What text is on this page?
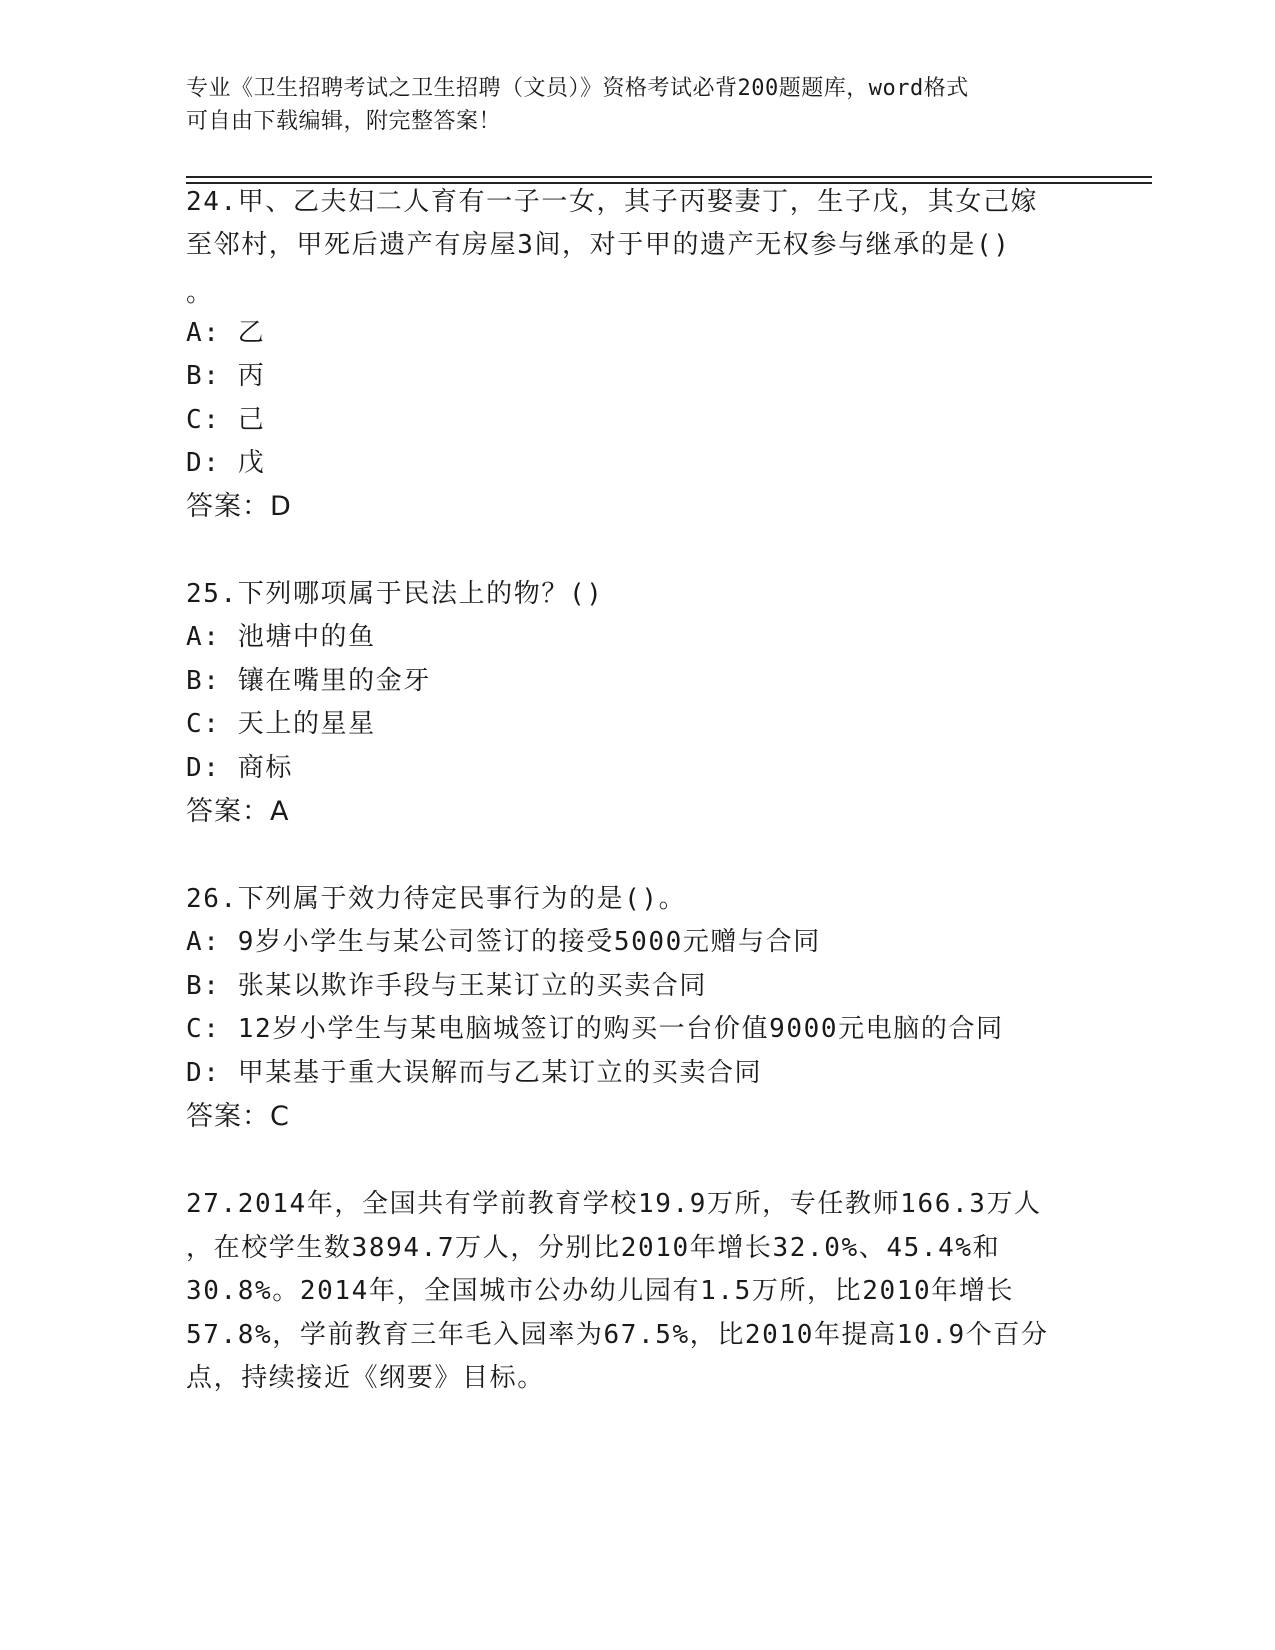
专业《卫生招聘考试之卫生招聘（文员）》资格考试必背200题题库，word格式
可自由下载编辑，附完整答案！
24.甲、乙夫妇二人育有一子一女，其子丙娶妻丁，生子戊，其女己嫁
至邻村，甲死后遗产有房屋3间，对于甲的遗产无权参与继承的是()
。
A: 乙
B: 丙
C: 己
D: 戊
答案：D
25.下列哪项属于民法上的物？()
A: 池塘中的鱼
B: 镶在嘴里的金牙
C: 天上的星星
D: 商标
答案：A
26.下列属于效力待定民事行为的是()。
A: 9岁小学生与某公司签订的接受5000元赠与合同
B: 张某以欺诈手段与王某订立的买卖合同
C: 12岁小学生与某电脑城签订的购买一台价值9000元电脑的合同
D: 甲某基于重大误解而与乙某订立的买卖合同
答案：C
27.2014年，全国共有学前教育学校19.9万所，专任教师166.3万人
，在校学生数3894.7万人，分别比2010年增长32.0%、45.4%和
30.8%。2014年，全国城市公办幼儿园有1.5万所，比2010年增长
57.8%，学前教育三年毛入园率为67.5%，比2010年提高10.9个百分
点，持续接近《纲要》目标。
